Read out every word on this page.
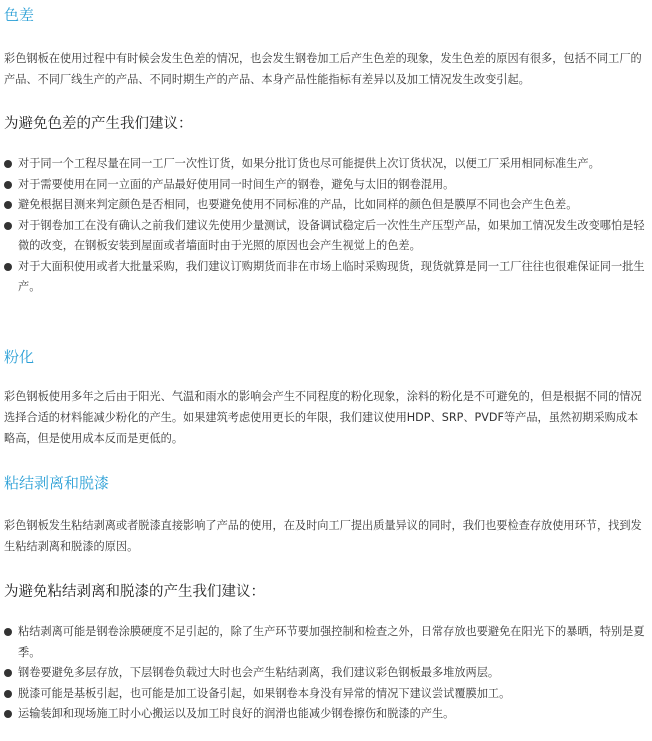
色差

彩色钢板在使用过程中有时候会发生色差的情况，也会发生钢卷加工后产生色差的现象，发生色差的原因有很多，包括不同工厂的产品、不同厂线生产的产品、不同时期生产的产品、本身产品性能指标有差异以及加工情况发生改变引起。

为避免色差的产生我们建议：
对于同一个工程尽量在同一工厂一次性订货，如果分批订货也尽可能提供上次订货状况，以便工厂采用相同标准生产。
对于需要使用在同一立面的产品最好使用同一时间生产的钢卷，避免与太旧的钢卷混用。
避免根据目测来判定颜色是否相同，也要避免使用不同标准的产品，比如同样的颜色但是膜厚不同也会产生色差。
对于钢卷加工在没有确认之前我们建议先使用少量测试，设备调试稳定后一次性生产压型产品，如果加工情况发生改变哪怕是轻微的改变，在钢板安装到屋面或者墙面时由于光照的原因也会产生视觉上的色差。
对于大面积使用或者大批量采购，我们建议订购期货而非在市场上临时采购现货，现货就算是同一工厂往往也很难保证同一批生产。
粉化

彩色钢板使用多年之后由于阳光、气温和雨水的影响会产生不同程度的粉化现象，涂料的粉化是不可避免的，但是根据不同的情况选择合适的材料能减少粉化的产生。如果建筑考虑使用更长的年限，我们建议使用HDP、SRP、PVDF等产品，虽然初期采购成本略高，但是使用成本反而是更低的。

粘结剥离和脱漆

彩色钢板发生粘结剥离或者脱漆直接影响了产品的使用，在及时向工厂提出质量异议的同时，我们也要检查存放使用环节，找到发生粘结剥离和脱漆的原因。

为避免粘结剥离和脱漆的产生我们建议：
粘结剥离可能是钢卷涂膜硬度不足引起的，除了生产环节要加强控制和检查之外，日常存放也要避免在阳光下的暴晒，特别是夏季。
钢卷要避免多层存放，下层钢卷负载过大时也会产生粘结剥离，我们建议彩色钢板最多堆放两层。
脱漆可能是基板引起，也可能是加工设备引起，如果钢卷本身没有异常的情况下建议尝试覆膜加工。
运输装卸和现场施工时小心搬运以及加工时良好的润滑也能减少钢卷擦伤和脱漆的产生。
